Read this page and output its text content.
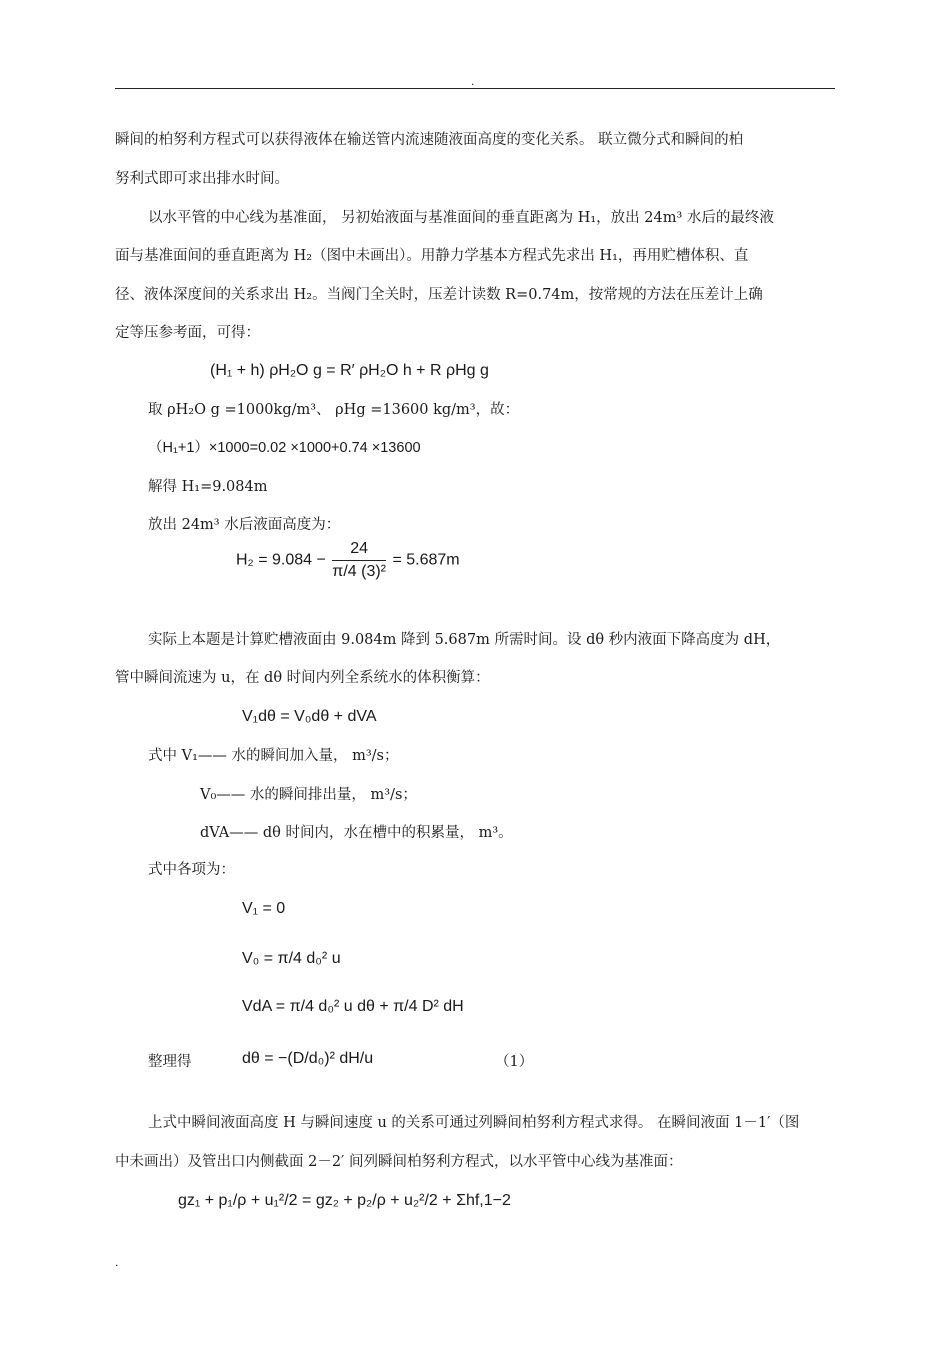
.
瞬间的柏努利方程式可以获得液体在输送管内流速随液面高度的变化关系。 联立微分式和瞬间的柏
努利式即可求出排水时间。
以水平管的中心线为基准面， 另初始液面与基准面间的垂直距离为 H₁，放出 24m³ 水后的最终液
面与基准面间的垂直距离为 H₂（图中未画出）。用静力学基本方程式先求出 H₁，再用贮槽体积、直
径、液体深度间的关系求出 H₂。当阀门全关时，压差计读数 R=0.74m，按常规的方法在压差计上确
定等压参考面，可得：
(H₁ + h) ρH₂O g = R′ ρH₂O h + R ρHg g
取 ρH₂O g =1000kg/m³、 ρHg =13600 kg/m³，故：
（H₁+1）×1000=0.02 ×1000+0.74 ×13600
解得 H₁=9.084m
放出 24m³ 水后液面高度为：
$H_2 = 9.084 - \frac{24}{\text{π/4 (3)²}} = 5.687m$
实际上本题是计算贮槽液面由 9.084m 降到 5.687m 所需时间。设 dθ 秒内液面下降高度为 dH，
管中瞬间流速为 u，在 dθ 时间内列全系统水的体积衡算：
V₁dθ = V₀dθ + dVA
式中 V₁—— 水的瞬间加入量， m³/s；
V₀—— 水的瞬间排出量， m³/s；
dVA—— dθ 时间内，水在槽中的积累量， m³。
式中各项为：
V₁ = 0
V₀ = π/4 d₀² u
VdA = π/4 d₀² u dθ + π/4 D² dH
整理得	dθ = −(D/d₀)² dH/u	（1）
上式中瞬间液面高度 H 与瞬间速度 u 的关系可通过列瞬间柏努利方程式求得。 在瞬间液面 1－1′（图
中未画出）及管出口内侧截面 2－2′ 间列瞬间柏努利方程式，以水平管中心线为基准面：
gz₁ + p₁/ρ + u₁²/2 = gz₂ + p₂/ρ + u₂²/2 + Σhf,1−2
.
